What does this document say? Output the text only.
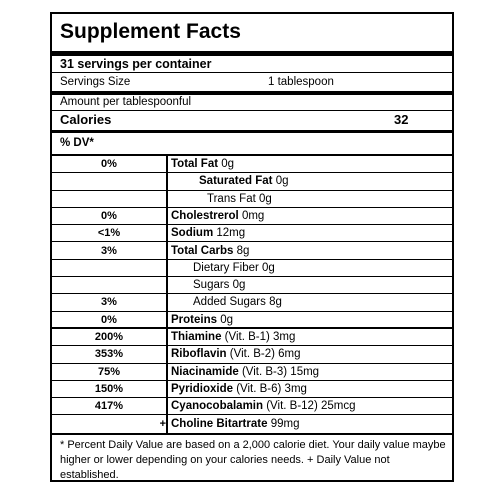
Supplement Facts
31 servings per container
Servings Size	1 tablespoon
Amount per tablespoonful
Calories	32
% DV*
0%	Total Fat 0g
Saturated Fat 0g
Trans Fat 0g
0%	Cholestrerol 0mg
<1%	Sodium 12mg
3%	Total Carbs 8g
Dietary Fiber 0g
Sugars 0g
3%	Added Sugars 8g
0%	Proteins 0g
200%	Thiamine (Vit. B-1) 3mg
353%	Riboflavin (Vit. B-2) 6mg
75%	Niacinamide (Vit. B-3) 15mg
150%	Pyridioxide (Vit. B-6) 3mg
417%	Cyanocobalamin (Vit. B-12) 25mcg
+ Choline Bitartrate 99mg
* Percent Daily Value are based on a 2,000 calorie diet. Your daily value maybe higher or lower depending on your calories needs. + Daily Value not established.
